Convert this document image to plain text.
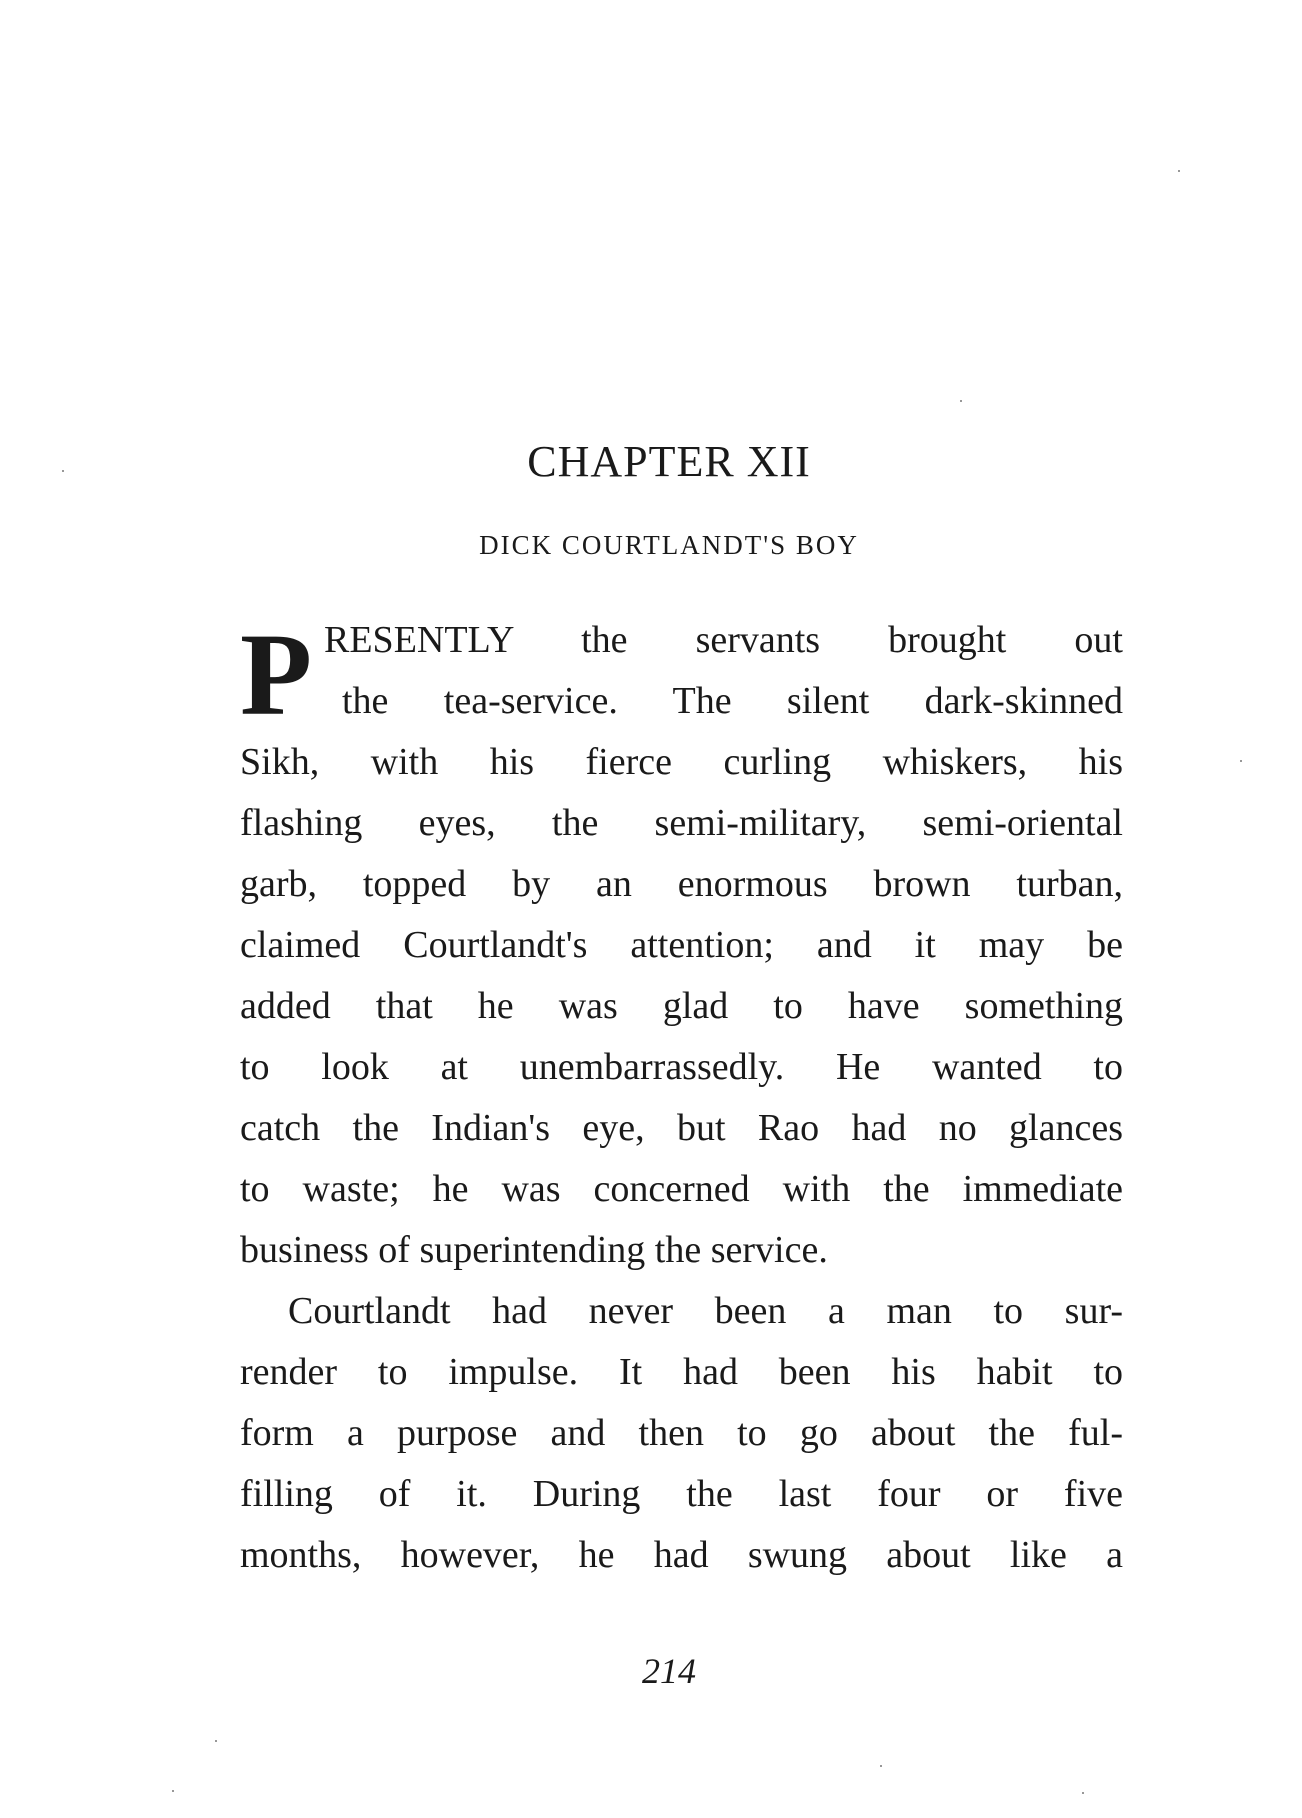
CHAPTER XII
DICK COURTLANDT'S BOY
P RESENTLY the servants brought out
the tea-service. The silent dark-skinned
Sikh, with his fierce curling whiskers, his
flashing eyes, the semi-military, semi-oriental
garb, topped by an enormous brown turban,
claimed Courtlandt's attention; and it may be
added that he was glad to have something
to look at unembarrassedly. He wanted to
catch the Indian's eye, but Rao had no glances
to waste; he was concerned with the immediate
business of superintending the service.
Courtlandt had never been a man to sur-
render to impulse. It had been his habit to
form a purpose and then to go about the ful-
filling of it. During the last four or five
months, however, he had swung about like a
214
